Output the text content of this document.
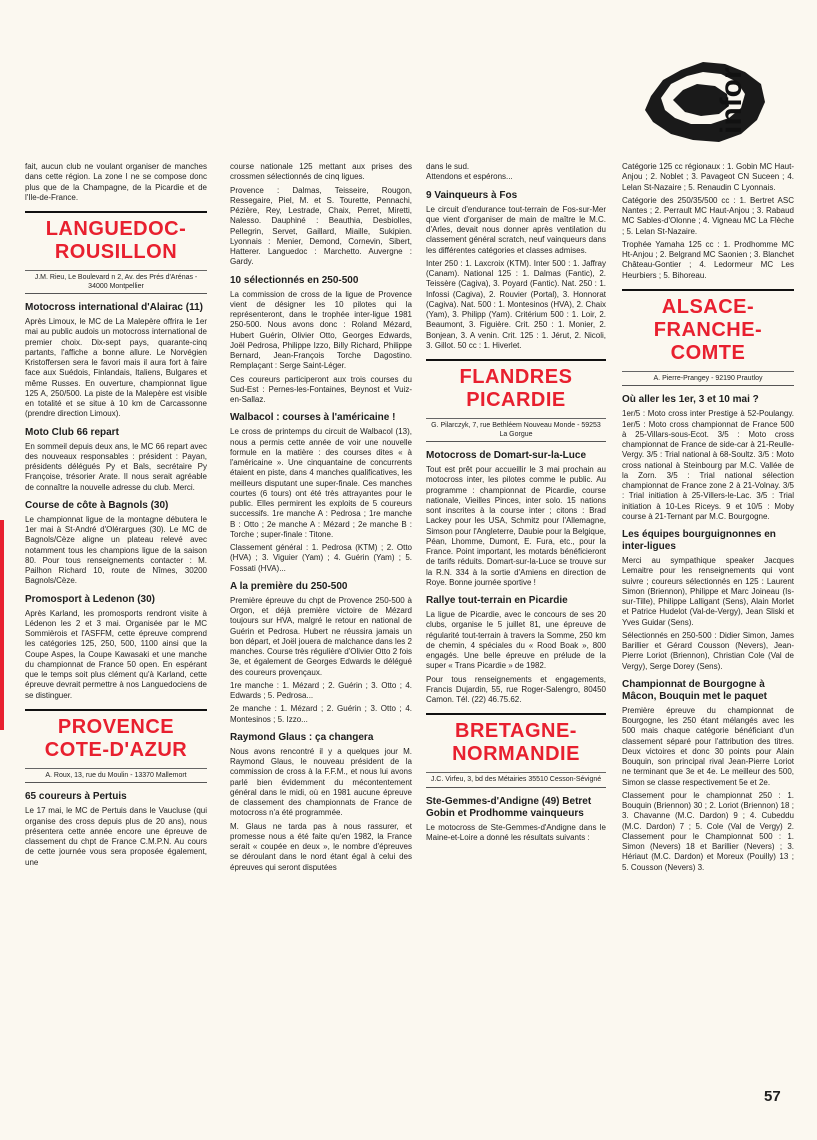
infor

fait, aucun club ne voulant organiser de manches dans cette région. La zone I ne se compose donc plus que de la Champagne, de la Picardie et de l'Ile-de-France.

LANGUEDOC-ROUSILLON
J.M. Rieu, Le Boulevard n 2, Av. des Prés d'Arénas - 34000 Montpellier
Motocross international d'Alairac (11)

Après Limoux, le MC de La Malepère offrira le 1er mai au public audois un motocross international de premier choix. Dix-sept pays, quarante-cinq partants, l'affiche a bonne allure. Le Norvégien Kristoffersen sera le favori mais il aura fort à faire face aux Suédois, Finlandais, Italiens, Bulgares et même Russes. En ouverture, championnat ligue 125 A, 250/500. La piste de la Malepère est visible en totalité et se situe à 10 km de Carcassonne (prendre direction Limoux).

Moto Club 66 repart

En sommeil depuis deux ans, le MC 66 repart avec des nouveaux responsables : président : Payan, présidents délégués Py et Bals, secrétaire Py Françoise, trésorier Arate. Il nous serait agréable de connaître la nouvelle adresse du club. Merci.

Course de côte à Bagnols (30)

Le championnat ligue de la montagne débutera le 1er mai à St-André d'Olérargues (30). Le MC de Bagnols/Cèze aligne un plateau relevé avec notamment tous les champions ligue de la saison 80. Pour tous renseignements contacter : M. Pailhon Richard 10, route de Nîmes, 30200 Bagnols/Cèze.

Promosport à Ledenon (30)

Après Karland, les promosports rendront visite à Lédenon les 2 et 3 mai. Organisée par le MC Sommièrois et l'ASFFM, cette épreuve comprend les catégories 125, 250, 500, 1100 ainsi que la Coupe Aspes, la Coupe Kawasaki et une manche du championnat de France 50 open. En espérant que le temps soit plus clément qu'à Karland, cette épreuve devrait permettre à nos Languedociens de se distinguer.

PROVENCE COTE-D'AZUR
A. Roux, 13, rue du Moulin - 13370 Mallemort
65 coureurs à Pertuis

Le 17 mai, le MC de Pertuis dans le Vaucluse (qui organise des cross depuis plus de 20 ans), nous présentera cette année encore une épreuve de classement du chpt de France C.M.P.N. Au cours de cette journée vous sera proposée également, une

course nationale 125 mettant aux prises des crossmen sélectionnés de cinq ligues.

Provence : Dalmas, Teisseire, Rougon, Ressegaire, Piel, M. et S. Tourette, Pennachi, Pézière, Rey, Lestrade, Chaix, Perret, Miretti, Nalesso. Dauphiné : Beauthia, Desbiolles, Pellegrin, Servet, Gaillard, Miaille, Sukipien. Lyonnais : Menier, Demond, Cornevin, Sibert, Hatterer. Languedoc : Marchetto. Auvergne : Gardy.

10 sélectionnés en 250-500

La commission de cross de la ligue de Provence vient de désigner les 10 pilotes qui la représenteront, dans le trophée inter-ligue 1981 250-500. Nous avons donc : Roland Mézard, Hubert Guérin, Olivier Otto, Georges Edwards, Joël Pedrosa, Philippe Izzo, Billy Richard, Philippe Bernard, Jean-François Torche Dagostino. Remplaçant : Serge Saint-Léger.

Ces coureurs participeront aux trois courses du Sud-Est : Pernes-les-Fontaines, Beynost et Vuiz-en-Sallaz.

Walbacol : courses à l'américaine !

Le cross de printemps du circuit de Walbacol (13), nous a permis cette année de voir une nouvelle formule en la matière : des courses dites « à l'américaine ». Une cinquantaine de concurrents étaient en piste, dans 4 manches qualificatives, les meilleurs disputant une super-finale. Ces manches courtes (6 tours) ont été très attrayantes pour le public. Elles permirent les exploits de 5 coureurs successifs. 1re manche A : Pedrosa ; 1re manche B : Otto ; 2e manche A : Mézard ; 2e manche B : Torche ; super-finale : Titone.

Classement général : 1. Pedrosa (KTM) ; 2. Otto (HVA) ; 3. Viguier (Yam) ; 4. Guérin (Yam) ; 5. Fossati (HVA)...

A la première du 250-500

Première épreuve du chpt de Provence 250-500 à Orgon, et déjà première victoire de Mézard toujours sur HVA, malgré le retour en national de Guérin et Pedrosa. Hubert ne réussira jamais un bon départ, et Joël jouera de malchance dans les 2 manches. Course très régulière d'Olivier Otto 2 fois 3e, et également de Georges Edwards le délégué des coureurs provençaux.

1re manche : 1. Mézard ; 2. Guérin ; 3. Otto ; 4. Edwards ; 5. Pedrosa...

2e manche : 1. Mézard ; 2. Guérin ; 3. Otto ; 4. Montesinos ; 5. Izzo...

Raymond Glaus : ça changera

Nous avons rencontré il y a quelques jour M. Raymond Glaus, le nouveau président de la commission de cross à la F.F.M., et nous lui avons parlé bien évidemment du mécontentement général dans le midi, où en 1981 aucune épreuve de classement des championnats de France de motocross n'a été programmée.

M. Glaus ne tarda pas à nous rassurer, et promesse nous a été faite qu'en 1982, la France serait « coupée en deux », le nombre d'épreuves se déroulant dans le nord étant égal à celui des épreuves qui seront disputées

dans le sud.

Attendons et espérons...

9 Vainqueurs à Fos

Le circuit d'endurance tout-terrain de Fos-sur-Mer que vient d'organiser de main de maître le M.C. d'Arles, devait nous donner après ventilation du classement général scratch, neuf vainqueurs dans les différentes catégories et classes admises.

Inter 250 : 1. Laxcroix (KTM). Inter 500 : 1. Jaffray (Canam). National 125 : 1. Dalmas (Fantic), 2. Teissère (Cagiva), 3. Poyard (Fantic). Nat. 250 : 1. Infossi (Cagiva), 2. Rouvier (Portal), 3. Honnorat (Cagiva). Nat. 500 : 1. Montesinos (HVA), 2. Chaix (Yam), 3. Philipp (Yam). Critérium 500 : 1. Loir, 2. Beaumont, 3. Figuière. Crit. 250 : 1. Monier, 2. Bonjean, 3. A venin. Crit. 125 : 1. Jérut, 2. Nicoli, 3. Gillot. 50 cc : 1. Hiverlet.

FLANDRES PICARDIE
G. Pilarczyk, 7, rue Bethléem Nouveau Monde - 59253 La Gorgue
Motocross de Domart-sur-la-Luce

Tout est prêt pour accueillir le 3 mai prochain au motocross inter, les pilotes comme le public. Au programme : championnat de Picardie, course nationale, Vieilles Pinces, inter solo. 15 nations sont inscrites à la course inter ; citons : Brad Lackey pour les USA, Schmitz pour l'Allemagne, Simson pour l'Angleterre, Daubie pour la Belgique, Péan, Lhomme, Dumont, E. Fura, etc., pour la France. Point important, les motards bénéficieront de tarifs réduits. Domart-sur-la-Luce se trouve sur la R.N. 334 à la sortie d'Amiens en direction de Roye. Bonne journée sportive !

Rallye tout-terrain en Picardie

La ligue de Picardie, avec le concours de ses 20 clubs, organise le 5 juillet 81, une épreuve de régularité tout-terrain à travers la Somme, 250 km de chemin, 4 spéciales du « Rood Boak », 800 engagés. Une belle épreuve en prélude de la super « Trans Picardie » de 1982.

Pour tous renseignements et engagements, Francis Dujardin, 55, rue Roger-Salengro, 80450 Camon. Tél. (22) 46.75.62.

BRETAGNE-NORMANDIE
J.C. Virfeu, 3, bd des Métairies 35510 Cesson-Sévigné
Ste-Gemmes-d'Andigne (49) Betret Gobin et Prodhomme vainqueurs

Le motocross de Ste-Gemmes-d'Andigne dans le Maine-et-Loire a donné les résultats suivants :

Catégorie 125 cc régionaux : 1. Gobin MC Haut-Anjou ; 2. Noblet ; 3. Pavageot CN Suceen ; 4. Lelan St-Nazaire ; 5. Renaudin C Lyonnais.

Catégorie des 250/35/500 cc : 1. Bertret ASC Nantes ; 2. Perrault MC Haut-Anjou ; 3. Rabaud MC Sables-d'Olonne ; 4. Vigneau MC La Flèche ; 5. Lelan St-Nazaire.

Trophée Yamaha 125 cc : 1. Prodhomme MC Ht-Anjou ; 2. Belgrand MC Saonien ; 3. Blanchet Château-Gontier ; 4. Ledormeur MC Les Heurbiers ; 5. Bihoreau.

ALSACE-FRANCHE-COMTE
A. Pierre-Prangey - 92190 Prautloy
Où aller les 1er, 3 et 10 mai ?

1er/5 : Moto cross inter Prestige à 52-Poulangy. 1er/5 : Moto cross championnat de France 500 à 25-Villars-sous-Ecot. 3/5 : Moto cross championnat de France de side-car à 21-Reulle-Vergy. 3/5 : Trial national à 68-Soultz. 3/5 : Moto cross national à Steinbourg par M.C. Vallée de la Zorn. 3/5 : Trial national sélection championnat de France zone 2 à 21-Volnay. 3/5 : Trial initiation à 25-Villers-le-Lac. 3/5 : Trial initiation à 10-Les Riceys. 9 et 10/5 : Moby course à 21-Ternant par M.C. Bourgogne.

Les équipes bourguignonnes en inter-ligues

Merci au sympathique speaker Jacques Lemaitre pour les renseignements qui vont suivre ; coureurs sélectionnés en 125 : Laurent Simon (Briennon), Philippe et Marc Joineau (Is-sur-Tille), Philippe Lalligant (Sens), Alain Morlet et Patrice Hudelot (Val-de-Vergy), Jean Sliski et Yves Guidar (Sens).

Sélectionnés en 250-500 : Didier Simon, James Barillier et Gérard Cousson (Nevers), Jean-Pierre Loriot (Briennon), Christian Cole (Val de Vergy), Serge Dorey (Sens).

Championnat de Bourgogne à Mâcon, Bouquin met le paquet

Première épreuve du championnat de Bourgogne, les 250 étant mélangés avec les 500 mais chaque catégorie bénéficiant d'un classement séparé pour l'attribution des titres. Deux victoires et donc 30 points pour Alain Bouquin, son principal rival Jean-Pierre Loriot ne terminant que 3e et 4e. Le meilleur des 500, Simon se classe respectivement 5e et 2e.

Classement pour le championnat 250 : 1. Bouquin (Briennon) 30 ; 2. Loriot (Briennon) 18 ; 3. Chavanne (M.C. Dardon) 9 ; 4. Cubeddu (M.C. Dardon) 7 ; 5. Cole (Val de Vergy) 2. Classement pour le Championnat 500 : 1. Simon (Nevers) 18 et Barillier (Nevers) ; 3. Hériaut (M.C. Dardon) et Moreux (Pouilly) 13 ; 5. Cousson (Nevers) 3.

57
